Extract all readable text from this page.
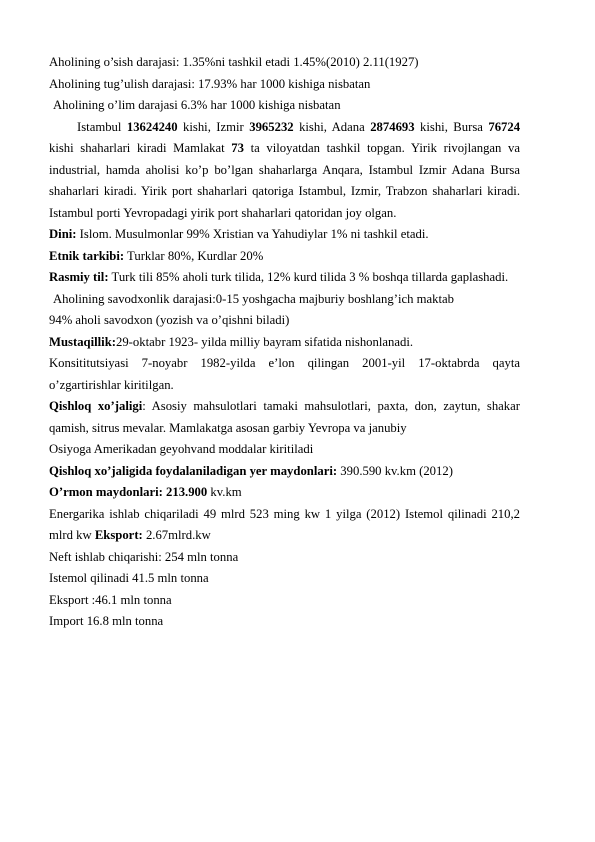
Aholining o’sish darajasi: 1.35%ni tashkil etadi 1.45%(2010) 2.11(1927)
Aholining tug’ulish darajasi: 17.93% har 1000 kishiga nisbatan
Aholining o’lim darajasi 6.3% har 1000 kishiga nisbatan
Istambul 13624240 kishi, Izmir 3965232 kishi, Adana 2874693 kishi, Bursa 76724 kishi shaharlari kiradi Mamlakat 73 ta viloyatdan tashkil topgan. Yirik rivojlangan va industrial, hamda aholisi ko’p bo’lgan shaharlarga Anqara, Istambul Izmir Adana Bursa shaharlari kiradi. Yirik port shaharlari qatoriga Istambul, Izmir, Trabzon shaharlari kiradi. Istambul porti Yevropadagi yirik port shaharlari qatoridan joy olgan.
Dini: Islom. Musulmonlar 99% Xristian va Yahudiylar 1% ni tashkil etadi.
Etnik tarkibi: Turklar 80%, Kurdlar 20%
Rasmiy til: Turk tili 85% aholi turk tilida, 12% kurd tilida 3 % boshqa tillarda gaplashadi.
Aholining savodxonlik darajasi:0-15 yoshgacha majburiy boshlang’ich maktab
94% aholi savodxon (yozish va o’qishni biladi)
Mustaqillik:29-oktabr 1923- yilda milliy bayram sifatida nishonlanadi.
Konsititutsiyasi 7-noyabr 1982-yilda e’lon qilingan 2001-yil 17-oktabrda qayta o’zgartirishlar kiritilgan.
Qishloq xo’jaligi: Asosiy mahsulotlari tamaki mahsulotlari, paxta, don, zaytun, shakar qamish, sitrus mevalar. Mamlakatga asosan garbiy Yevropa va janubiy
Osiyoga Amerikadan geyohvand moddalar kiritiladi
Qishloq xo’jaligida foydalaniladigan yer maydonlari: 390.590 kv.km (2012)
O’rmon maydonlari: 213.900 kv.km
Energarika ishlab chiqariladi 49 mlrd 523 ming kw 1 yilga (2012) Istemol qilinadi 210,2 mlrd kw Eksport: 2.67mlrd.kw
Neft ishlab chiqarishi: 254 mln tonna
Istemol qilinadi 41.5 mln tonna
Eksport :46.1 mln tonna
Import 16.8 mln tonna
